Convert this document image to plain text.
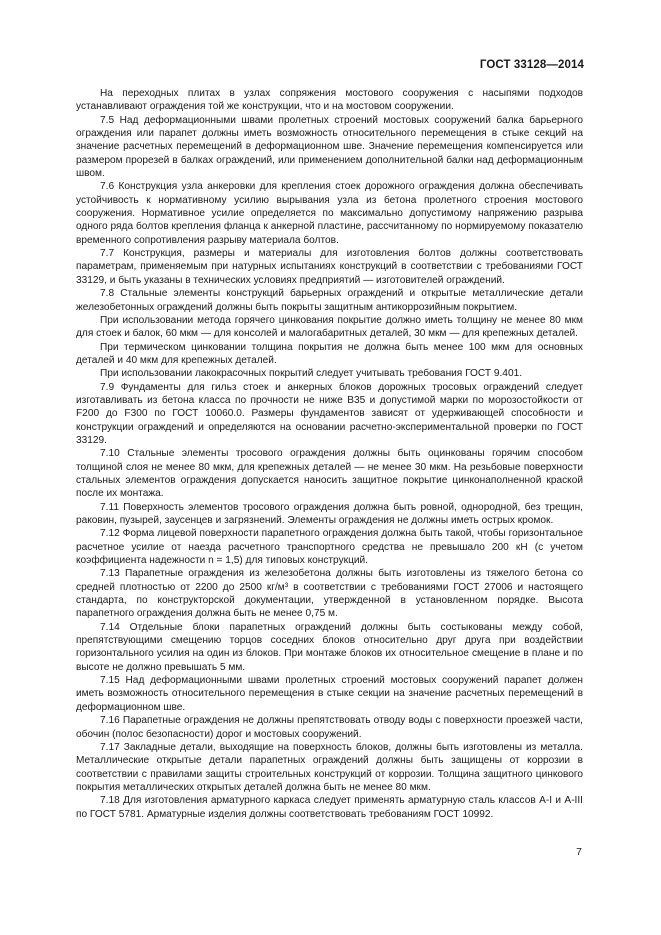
ГОСТ 33128—2014

На переходных плитах в узлах сопряжения мостового сооружения с насыпями подходов устанавливают ограждения той же конструкции, что и на мостовом сооружении.

7.5 Над деформационными швами пролетных строений мостовых сооружений балка барьерного ограждения или парапет должны иметь возможность относительного перемещения в стыке секций на значение расчетных перемещений в деформационном шве. Значение перемещения компенсируется или размером прорезей в балках ограждений, или применением дополнительной балки над деформационным швом.

7.6 Конструкция узла анкеровки для крепления стоек дорожного ограждения должна обеспечивать устойчивость к нормативному усилию вырывания узла из бетона пролетного строения мостового сооружения. Нормативное усилие определяется по максимально допустимому напряжению разрыва одного ряда болтов крепления фланца к анкерной пластине, рассчитанному по нормируемому показателю временного сопротивления разрыву материала болтов.

7.7 Конструкция, размеры и материалы для изготовления болтов должны соответствовать параметрам, применяемым при натурных испытаниях конструкций в соответствии с требованиями ГОСТ 33129, и быть указаны в технических условиях предприятий — изготовителей ограждений.

7.8 Стальные элементы конструкций барьерных ограждений и открытые металлические детали железобетонных ограждений должны быть покрыты защитным антикоррозийным покрытием.

При использовании метода горячего цинкования покрытие должно иметь толщину не менее 80 мкм для стоек и балок, 60 мкм — для консолей и малогабаритных деталей, 30 мкм — для крепежных деталей.

При термическом цинковании толщина покрытия не должна быть менее 100 мкм для основных деталей и 40 мкм для крепежных деталей.

При использовании лакокрасочных покрытий следует учитывать требования ГОСТ 9.401.

7.9 Фундаменты для гильз стоек и анкерных блоков дорожных тросовых ограждений следует изготавливать из бетона класса по прочности не ниже В35 и допустимой марки по морозостойкости от F200 до F300 по ГОСТ 10060.0. Размеры фундаментов зависят от удерживающей способности и конструкции ограждений и определяются на основании расчетно-экспериментальной проверки по ГОСТ 33129.

7.10 Стальные элементы тросового ограждения должны быть оцинкованы горячим способом толщиной слоя не менее 80 мкм, для крепежных деталей — не менее 30 мкм. На резьбовые поверхности стальных элементов ограждения допускается наносить защитное покрытие цинконаполненной краской после их монтажа.

7.11 Поверхность элементов тросового ограждения должна быть ровной, однородной, без трещин, раковин, пузырей, заусенцев и загрязнений. Элементы ограждения не должны иметь острых кромок.

7.12 Форма лицевой поверхности парапетного ограждения должна быть такой, чтобы горизонтальное расчетное усилие от наезда расчетного транспортного средства не превышало 200 кН (с учетом коэффициента надежности n = 1,5) для типовых конструкций.

7.13 Парапетные ограждения из железобетона должны быть изготовлены из тяжелого бетона со средней плотностью от 2200 до 2500 кг/м³ в соответствии с требованиями ГОСТ 27006 и настоящего стандарта, по конструкторской документации, утвержденной в установленном порядке. Высота парапетного ограждения должна быть не менее 0,75 м.

7.14 Отдельные блоки парапетных ограждений должны быть состыкованы между собой, препятствующими смещению торцов соседних блоков относительно друг друга при воздействии горизонтального усилия на один из блоков. При монтаже блоков их относительное смещение в плане и по высоте не должно превышать 5 мм.

7.15 Над деформационными швами пролетных строений мостовых сооружений парапет должен иметь возможность относительного перемещения в стыке секции на значение расчетных перемещений в деформационном шве.

7.16 Парапетные ограждения не должны препятствовать отводу воды с поверхности проезжей части, обочин (полос безопасности) дорог и мостовых сооружений.

7.17 Закладные детали, выходящие на поверхность блоков, должны быть изготовлены из металла. Металлические открытые детали парапетных ограждений должны быть защищены от коррозии в соответствии с правилами защиты строительных конструкций от коррозии. Толщина защитного цинкового покрытия металлических открытых деталей должна быть не менее 80 мкм.

7.18 Для изготовления арматурного каркаса следует применять арматурную сталь классов А-I и А-III по ГОСТ 5781. Арматурные изделия должны соответствовать требованиям ГОСТ 10992.

7
